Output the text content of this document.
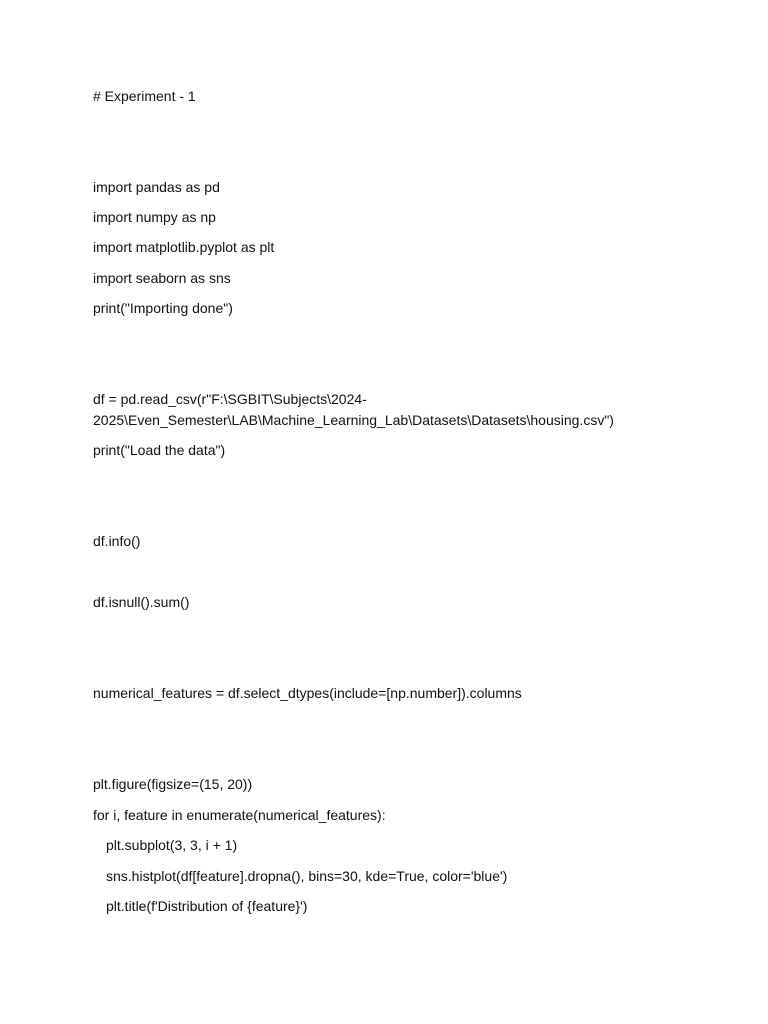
# Experiment - 1

import pandas as pd

import numpy as np

import matplotlib.pyplot as plt

import seaborn as sns

print("Importing done")

df = pd.read_csv(r"F:\SGBIT\Subjects\2024-

2025\Even_Semester\LAB\Machine_Learning_Lab\Datasets\Datasets\housing.csv")

print("Load the data")

df.info()

df.isnull().sum()

numerical_features = df.select_dtypes(include=[np.number]).columns

plt.figure(figsize=(15, 20))

for i, feature in enumerate(numerical_features):

plt.subplot(3, 3, i + 1)

sns.histplot(df[feature].dropna(), bins=30, kde=True, color='blue')

plt.title(f'Distribution of {feature}')
